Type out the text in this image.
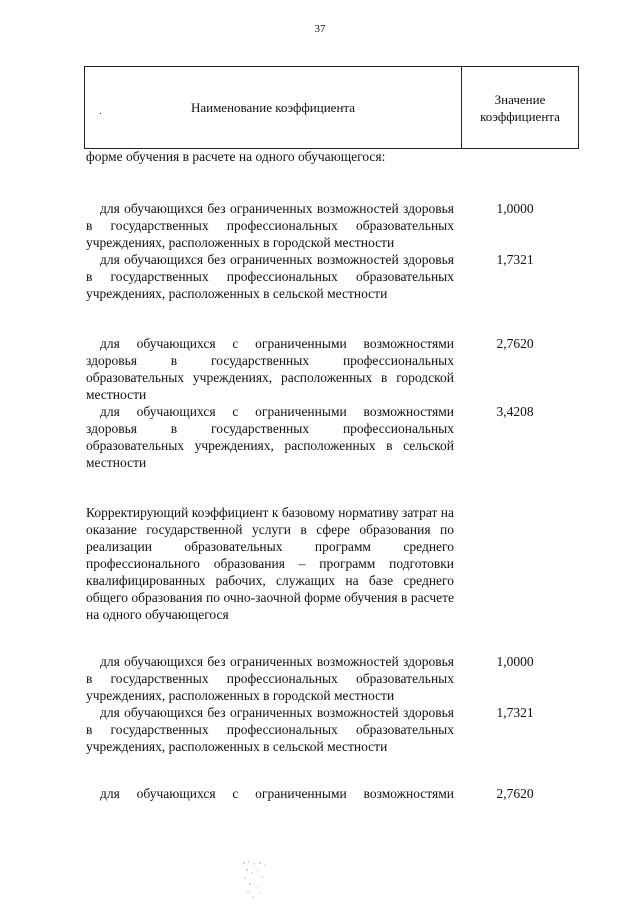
37
Наименование коэффициента
Значение коэффициента
.
форме обучения в расчете на одного обучающегося:
для обучающихся без ограниченных возможностей здоровья в государственных профессиональных образовательных учреждениях, расположенных в городской местности
1,0000
для обучающихся без ограниченных возможностей здоровья в государственных профессиональных образовательных учреждениях, расположенных в сельской местности
1,7321
для обучающихся с ограниченными возможностями здоровья в государственных профессиональных образовательных учреждениях, расположенных в городской местности
2,7620
для обучающихся с ограниченными возможностями здоровья в государственных профессиональных образовательных учреждениях, расположенных в сельской местности
3,4208
Корректирующий коэффициент к базовому нормативу затрат на оказание государственной услуги в сфере образования по реализации образовательных программ среднего профессионального образования – программ подготовки квалифицированных рабочих, служащих на базе среднего общего образования по очно-заочной форме обучения в расчете на одного обучающегося
для обучающихся без ограниченных возможностей здоровья в государственных профессиональных образовательных учреждениях, расположенных в городской местности
1,0000
для обучающихся без ограниченных возможностей здоровья в государственных профессиональных образовательных учреждениях, расположенных в сельской местности
1,7321
для обучающихся с ограниченными возможностями	2,7620
